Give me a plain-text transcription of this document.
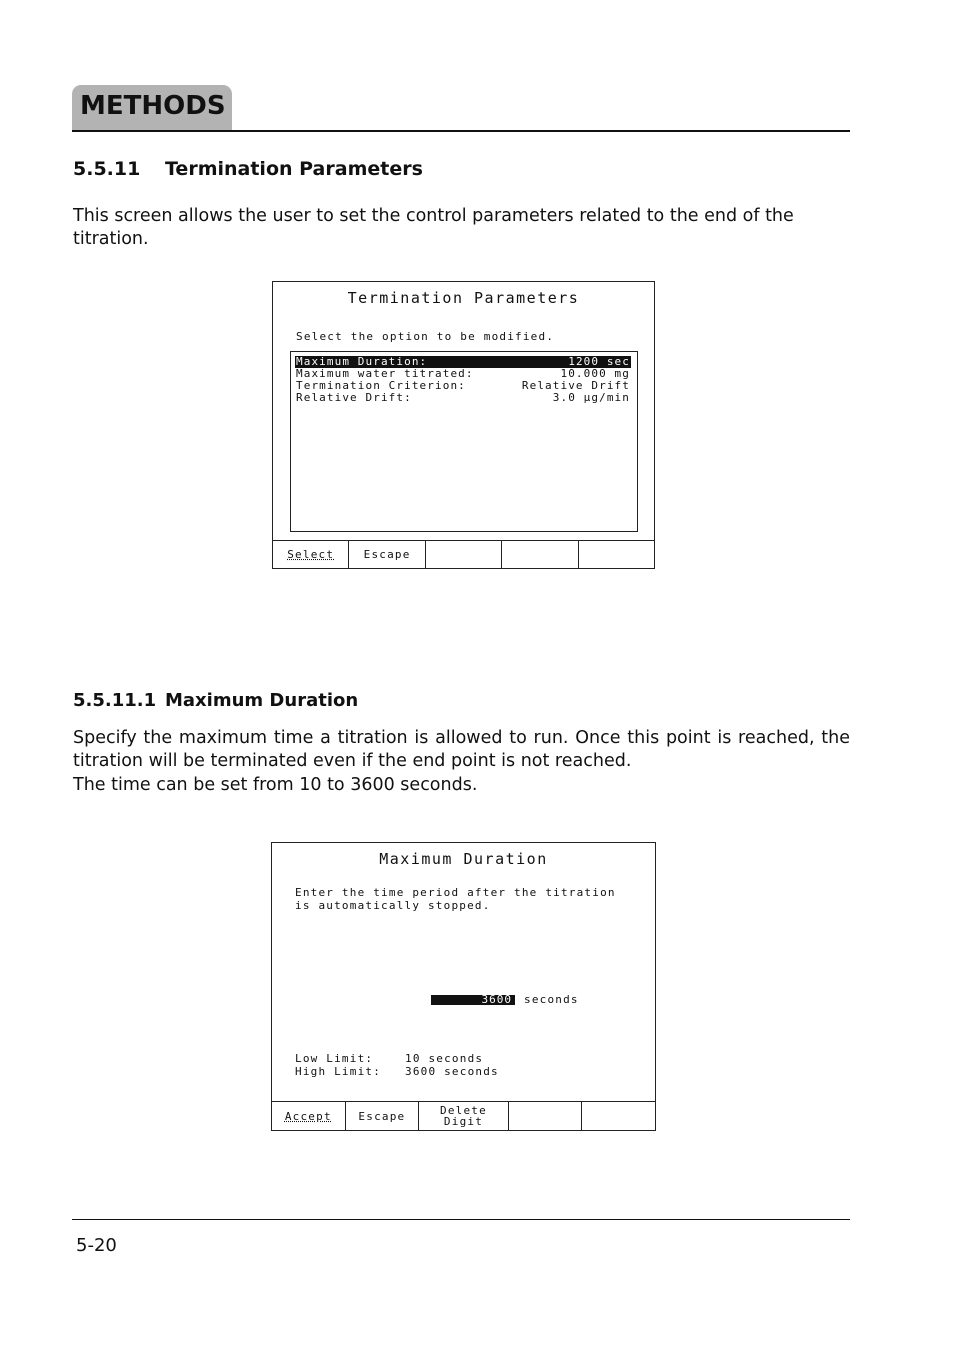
METHODS
5.5.11 Termination Parameters
This screen allows the user to set the control parameters related to the end of the titration.
Termination Parameters
Select the option to be modified.
Maximum Duration:	1200 sec
Maximum water titrated:	10.000 mg
Termination Criterion:	Relative Drift
Relative Drift:	3.0 µg/min
Select	Escape
5.5.11.1 Maximum Duration
Specify the maximum time a titration is allowed to run. Once this point is reached, the titration will be terminated even if the end point is not reached.
The time can be set from 10 to 3600 seconds.
Maximum Duration
Enter the time period after the titration
is automatically stopped.
3600 seconds
Low Limit:	10 seconds
High Limit: 3600 seconds
Accept	Escape	Delete Digit
5-20
